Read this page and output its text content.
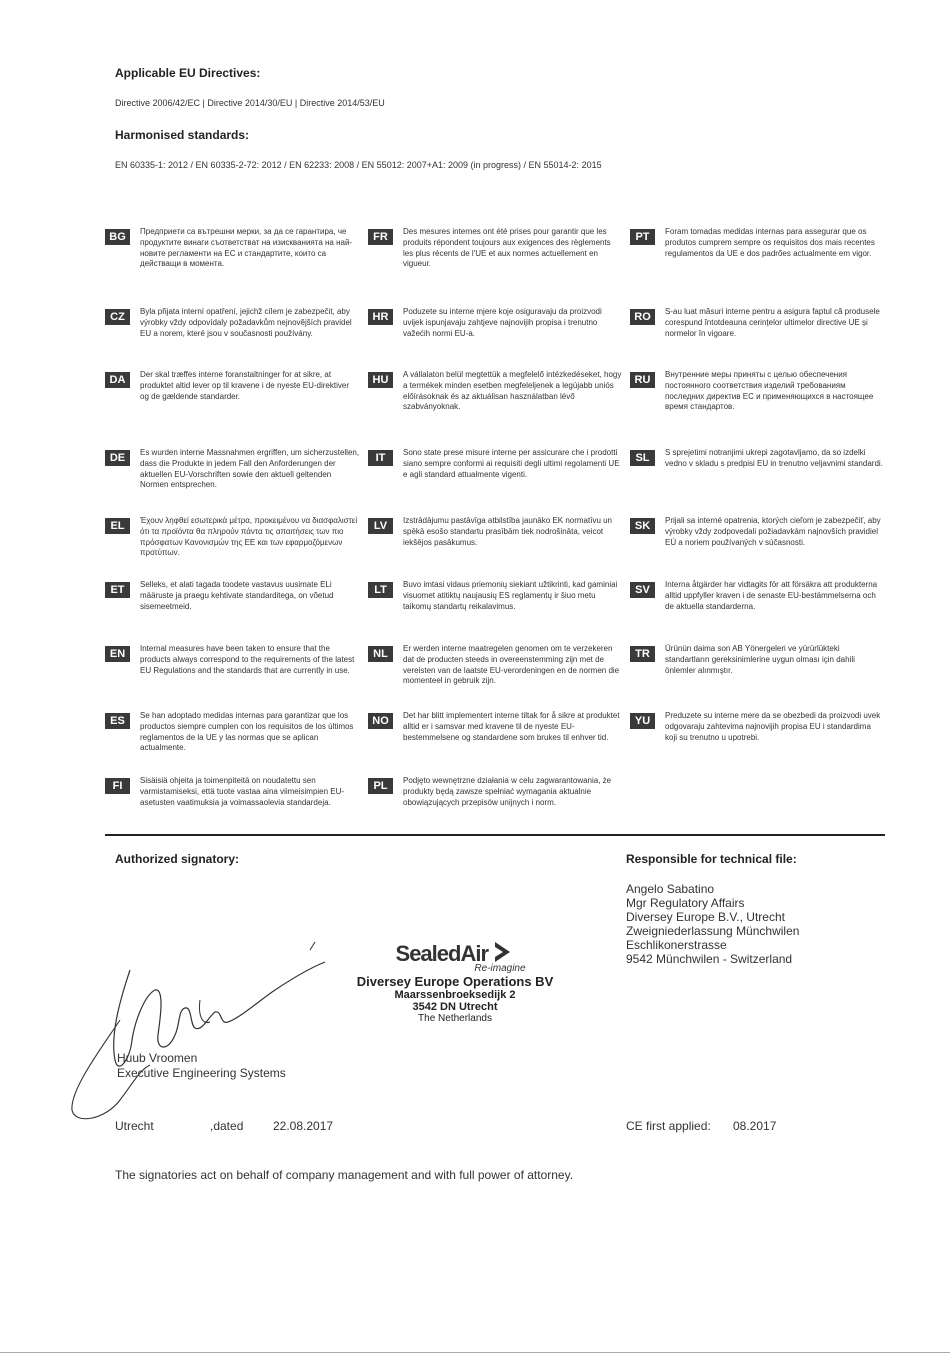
Applicable EU Directives:
Directive 2006/42/EC | Directive 2014/30/EU | Directive 2014/53/EU
Harmonised standards:
EN 60335-1: 2012 / EN 60335-2-72: 2012 / EN 62233: 2008 / EN 55012: 2007+A1: 2009 (in progress) / EN 55014-2: 2015
BG	Предприети са вътрешни мерки, за да се гарантира, че продуктите винаги съответстват на изискванията на най-новите регламенти на ЕС и стандартите, които са действащи в момента.
CZ	Byla přijata interní opatření, jejichž cílem je zabezpečit, aby výrobky vždy odpovídaly požadavkům nejnovějších pravidel EU a norem, které jsou v současnosti používány.
DA	Der skal træffes interne foranstaltninger for at sikre, at produktet altid lever op til kravene i de nyeste EU-direktiver og de gældende standarder.
DE	Es wurden interne Massnahmen ergriffen, um sicherzustellen, dass die Produkte in jedem Fall den Anforderungen der aktuellen EU-Vorschriften sowie den aktuell geltenden Normen entsprechen.
EL	Έχουν ληφθεί εσωτερικά μέτρα, προκειμένου να διασφαλιστεί ότι τα προϊόντα θα πληρούν πάντα τις απαιτήσεις των πιο πρόσφατων Κανονισμών της ΕΕ και των εφαρμοζόμενων προτύπων.
ET	Selleks, et alati tagada toodete vastavus uusimate ELi määruste ja praegu kehtivate standarditega, on võetud sisemeetmeid.
EN	Internal measures have been taken to ensure that the products always correspond to the requirements of the latest EU Regulations and the standards that are currently in use.
ES	Se han adoptado medidas internas para garantizar que los productos siempre cumplen con los requisitos de los últimos reglamentos de la UE y las normas que se aplican actualmente.
FI	Sisäisiä ohjeita ja toimenpiteitä on noudatettu sen varmistamiseksi, että tuote vastaa aina viimeisimpien EU-asetusten vaatimuksia ja voimassaolevia standardeja.
FR	Des mesures internes ont été prises pour garantir que les produits répondent toujours aux exigences des règlements les plus récents de l'UE et aux normes actuellement en vigueur.
HR	Poduzete su interne mjere koje osiguravaju da proizvodi uvijek ispunjavaju zahtjeve najnovijih propisa i trenutno važećih normi EU-a.
HU	A vállalaton belül megtettük a megfelelő intézkedéseket, hogy a termékek minden esetben megfeleljenek a legújabb uniós előírásoknak és az aktuálisan használatban lévő szabványoknak.
IT	Sono state prese misure interne per assicurare che i prodotti siano sempre conformi ai requisiti degli ultimi regolamenti UE e agli standard attualmente vigenti.
LV	Izstrādājumu pastāvīga atbilstība jaunāko EK normatīvu un spēkā esošo standartu prasībām tiek nodrošināta, veicot iekšējos pasākumus.
LT	Buvo imtasi vidaus priemonių siekiant užtikrinti, kad gaminiai visuomet atitiktų naujausių ES reglamentų ir šiuo metu taikomų standartų reikalavimus.
NL	Er werden interne maatregelen genomen om te verzekeren dat de producten steeds in overeenstemming zijn met de vereisten van de laatste EU-verordeningen en de normen die momenteel in gebruik zijn.
NO	Det har blitt implementert interne tiltak for å sikre at produktet alltid er i samsvar med kravene til de nyeste EU-bestemmelsene og standardene som brukes til enhver tid.
PL	Podjęto wewnętrzne działania w celu zagwarantowania, że produkty będą zawsze spełniać wymagania aktualnie obowiązujących przepisów unijnych i norm.
PT	Foram tomadas medidas internas para assegurar que os produtos cumprem sempre os requisitos dos mais recentes regulamentos da UE e dos padrões actualmente em vigor.
RO	S-au luat măsuri interne pentru a asigura faptul că produsele corespund întotdeauna cerințelor ultimelor directive UE și normelor în vigoare.
RU	Внутренние меры приняты с целью обеспечения постоянного соответствия изделий требованиям последних директив ЕС и применяющихся в настоящее время стандартов.
SL	S sprejetimi notranjimi ukrepi zagotavljamo, da so izdelki vedno v skladu s predpisi EU in trenutno veljavnimi standardi.
SK	Prijali sa interné opatrenia, ktorých cieľom je zabezpečiť, aby výrobky vždy zodpovedali požiadavkám najnovších pravidiel EÚ a noriem používaných v súčasnosti.
SV	Interna åtgärder har vidtagits för att försäkra att produkterna alltid uppfyller kraven i de senaste EU-bestämmelserna och de aktuella standarderna.
TR	Ürünün daima son AB Yönergeleri ve yürürlükteki standartların gereksinimlerine uygun olması için dahili önlemler alınmıştır.
YU	Preduzete su interne mere da se obezbedi da proizvodi uvek odgovaraju zahtevima najnovijih propisa EU i standardima koji su trenutno u upotrebi.
Authorized signatory:
Huub Vroomen
Executive Engineering Systems
Utrecht	,dated 22.08.2017
SealedAir
Re-imagine
Diversey Europe Operations BV
Maarssenbroeksedijk 2
3542 DN Utrecht
The Netherlands
Responsible for technical file:
Angelo Sabatino
Mgr Regulatory Affairs
Diversey Europe B.V., Utrecht
Zweigniederlassung Münchwilen
Eschlikonerstrasse
9542 Münchwilen - Switzerland
CE first applied: 08.2017
The signatories act on behalf of company management and with full power of attorney.
